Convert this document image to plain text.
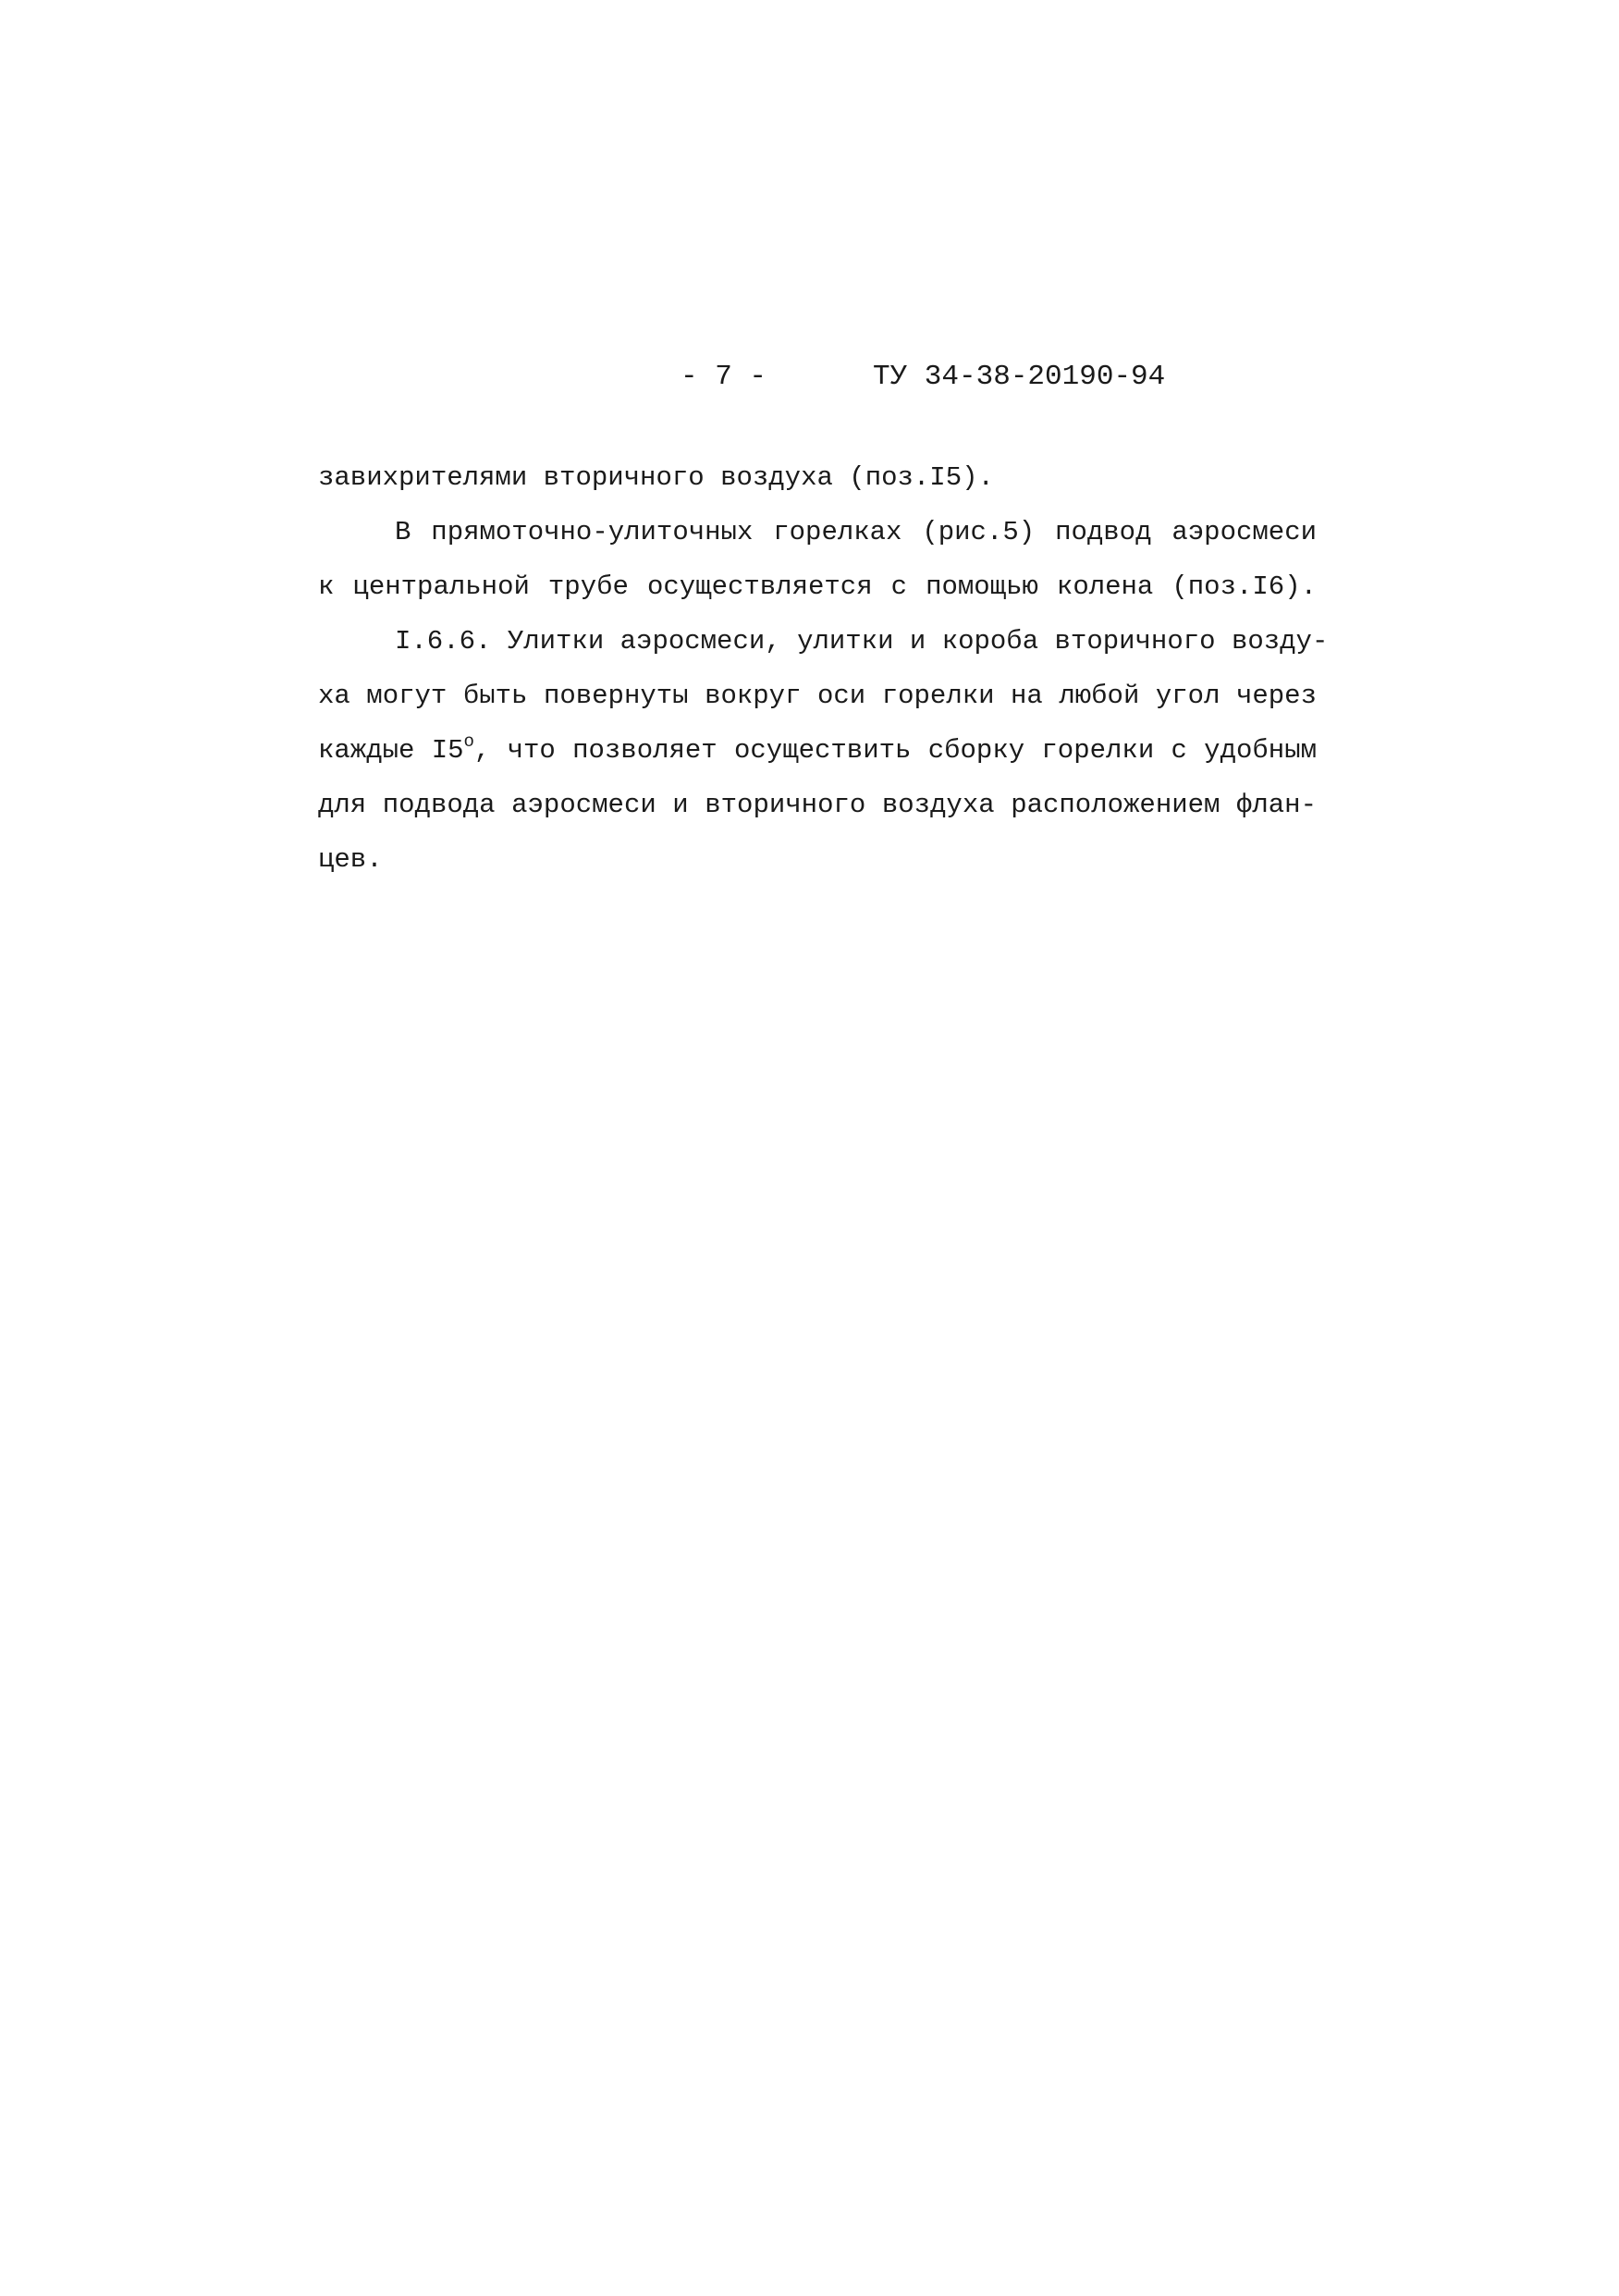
- 7 -	ТУ 34-38-20190-94
завихрителями вторичного воздуха (поз.I5).
В прямоточно-улиточных горелках (рис.5) подвод аэросмеси
к центральной трубе осуществляется с помощью колена (поз.I6).
I.6.6. Улитки аэросмеси, улитки и короба вторичного возду-
ха могут быть повернуты вокруг оси горелки на любой угол через
каждые I5$^o$, что позволяет осуществить сборку горелки с удобным
для подвода аэросмеси и вторичного воздуха расположением флан-
цев.
